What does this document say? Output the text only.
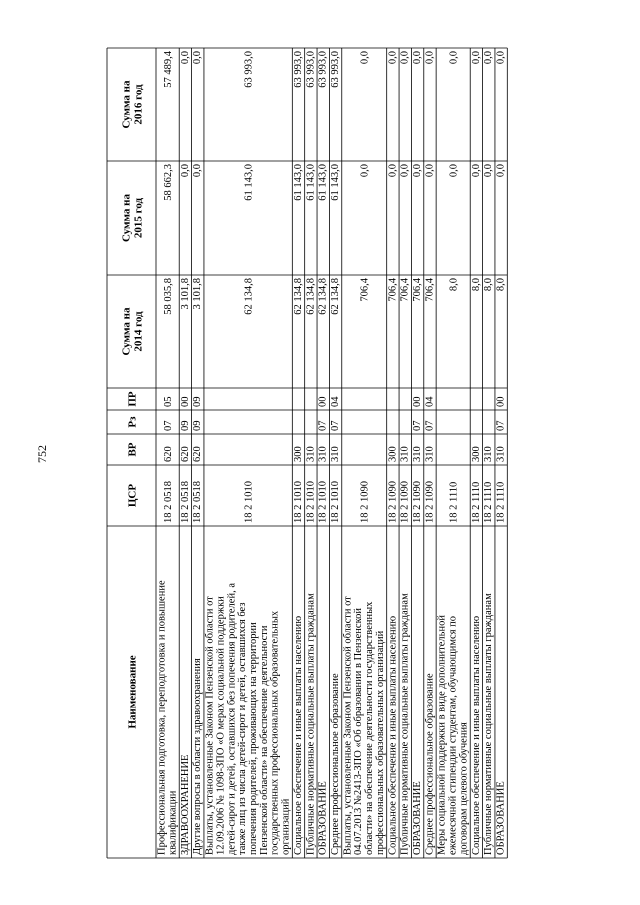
752
Наименование
ЦСР
ВР
Рз
ПР
Сумма на2014 год
Сумма на2015 год
Сумма на2016 год
Профессиональная подготовка, переподготовка и повышениеквалификации
18 2 0518
620
07
05
58 035,8
58 662,3
57 489,4
ЗДРАВООХРАНЕНИЕ
18 2 0518
620
09
00
3 101,8
0,0
0,0
Другие вопросы в области здравоохранения
18 2 0518
620
09
09
3 101,8
0,0
0,0
Выплаты, установленные Законом Пензенской области от12.09.2006 № 1098-ЗПО «О мерах социальной поддержкидетей-сирот и детей, оставшихся без попечения родителей, атакже лиц из числа детей-сирот и детей, оставшихся безпопечения родителей, проживающих на территорииПензенской области» на обеспечение деятельностигосударственных профессиональных образовательныхорганизаций
18 2 1010
62 134,8
61 143,0
63 993,0
Социальное обеспечение и иные выплаты населению
18 2 1010
300
62 134,8
61 143,0
63 993,0
Публичные нормативные социальные выплаты гражданам
18 2 1010
310
62 134,8
61 143,0
63 993,0
ОБРАЗОВАНИЕ
18 2 1010
310
07
00
62 134,8
61 143,0
63 993,0
Среднее профессиональное образование
18 2 1010
310
07
04
62 134,8
61 143,0
63 993,0
Выплаты, установленные Законом Пензенской области от04.07.2013 №2413-ЗПО «Об образовании в Пензенскойобласти» на обеспечение деятельности государственныхпрофессиональных образовательных организаций
18 2 1090
706,4
0,0
0,0
Социальное обеспечение и иные выплаты населению
18 2 1090
300
706,4
0,0
0,0
Публичные нормативные социальные выплаты гражданам
18 2 1090
310
706,4
0,0
0,0
ОБРАЗОВАНИЕ
18 2 1090
310
07
00
706,4
0,0
0,0
Среднее профессиональное образование
18 2 1090
310
07
04
706,4
0,0
0,0
Меры социальной поддержки в виде дополнительнойежемесячной стипендии студентам, обучающимся подоговорам целевого обучения
18 2 1110
8,0
0,0
0,0
Социальное обеспечение и иные выплаты населению
18 2 1110
300
8,0
0,0
0,0
Публичные нормативные социальные выплаты гражданам
18 2 1110
310
8,0
0,0
0,0
ОБРАЗОВАНИЕ
18 2 1110
310
07
00
8,0
0,0
0,0
